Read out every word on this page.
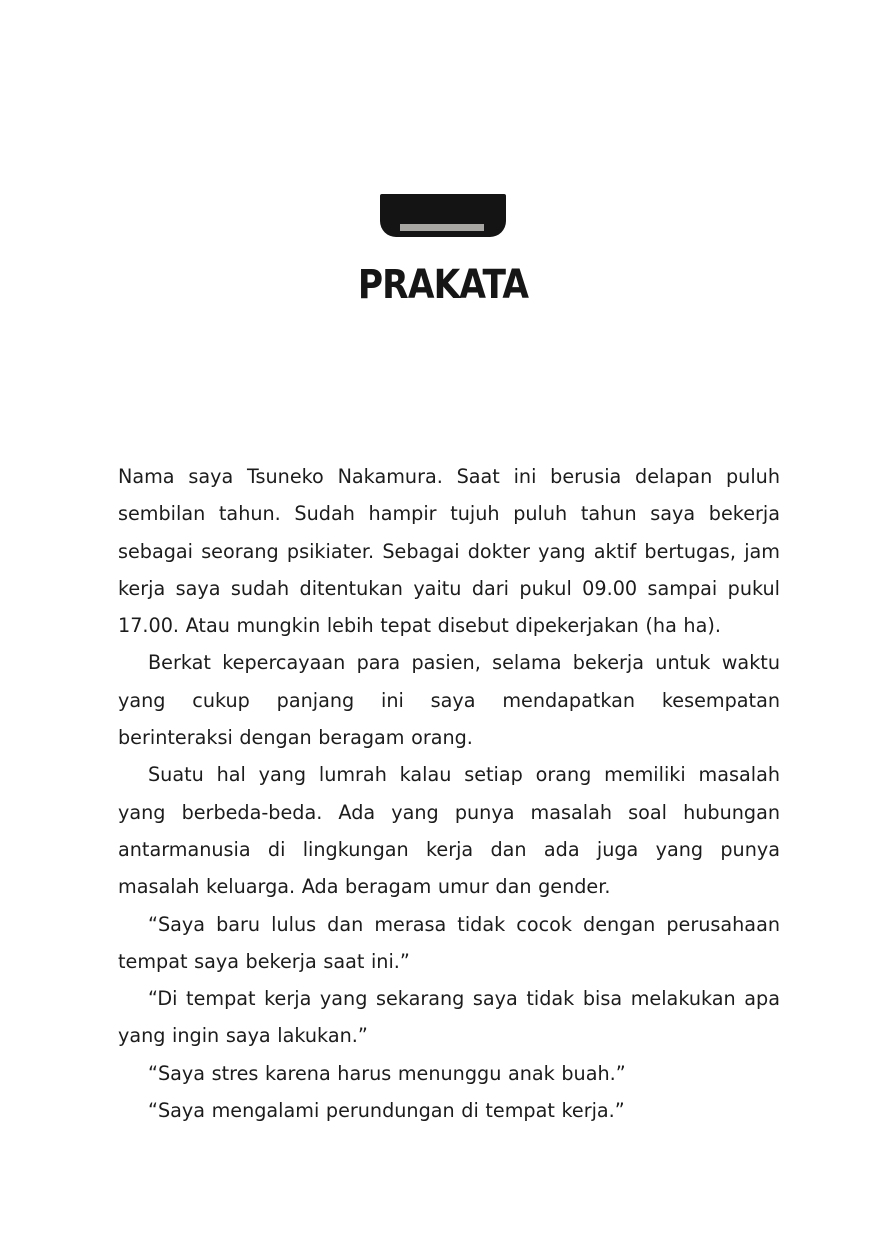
PRAKATA

Nama saya Tsuneko Nakamura. Saat ini berusia delapan puluh sembilan tahun. Sudah hampir tujuh puluh tahun saya bekerja sebagai seorang psikiater. Sebagai dokter yang aktif bertugas, jam kerja saya sudah ditentukan yaitu dari pukul 09.00 sampai pukul 17.00. Atau mungkin lebih tepat disebut dipekerjakan (ha ha).

Berkat kepercayaan para pasien, selama bekerja untuk waktu yang cukup panjang ini saya mendapatkan kesempatan berinteraksi dengan beragam orang.

Suatu hal yang lumrah kalau setiap orang memiliki masalah yang berbeda-beda. Ada yang punya masalah soal hubungan antarmanusia di lingkungan kerja dan ada juga yang punya masalah keluarga. Ada beragam umur dan gender.

“Saya baru lulus dan merasa tidak cocok dengan perusahaan tempat saya bekerja saat ini.”

“Di tempat kerja yang sekarang saya tidak bisa melakukan apa yang ingin saya lakukan.”

“Saya stres karena harus menunggu anak buah.”

“Saya mengalami perundungan di tempat kerja.”
